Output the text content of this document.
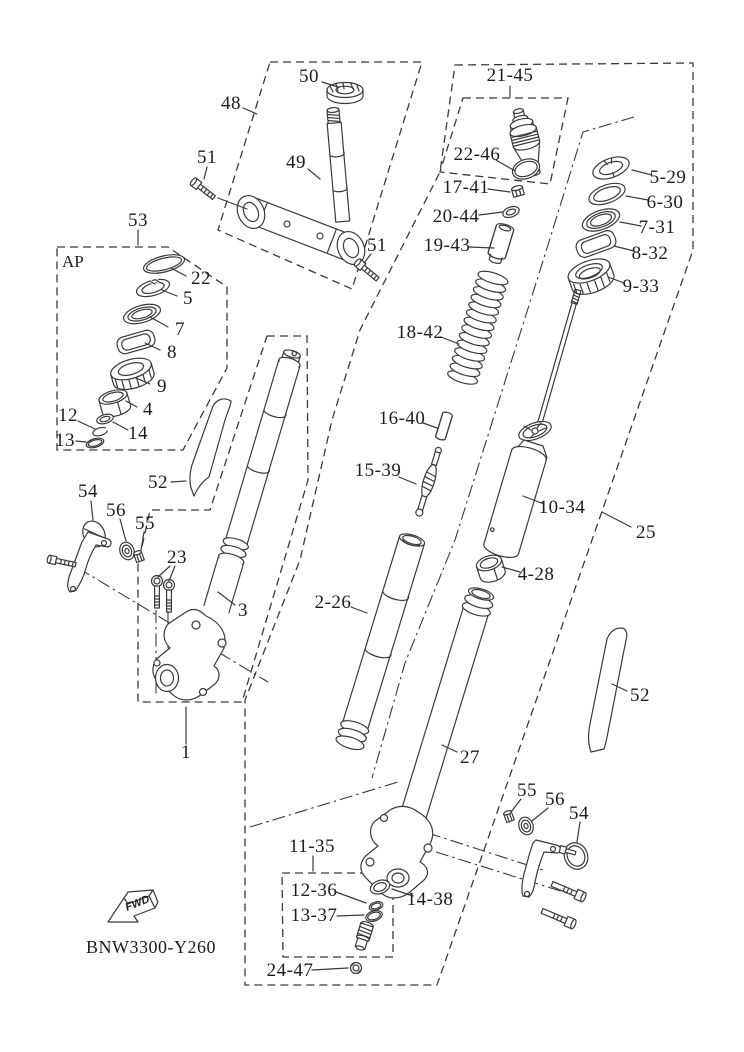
FWD
50
48
51	49
53
22
5
7
8
9
4
12
14
13
51
21-45
22-46
17-41
20-44
19-43
18-42
5-29
6-30
7-31
8-32
9-33
16-40
15-39
10-34
25
4-28
2-26
52
54
56
55
23
3
52
27
55 56
54
1
11-35
12-36
13-37
14-38
24-47
AP
BNW3300-Y260
